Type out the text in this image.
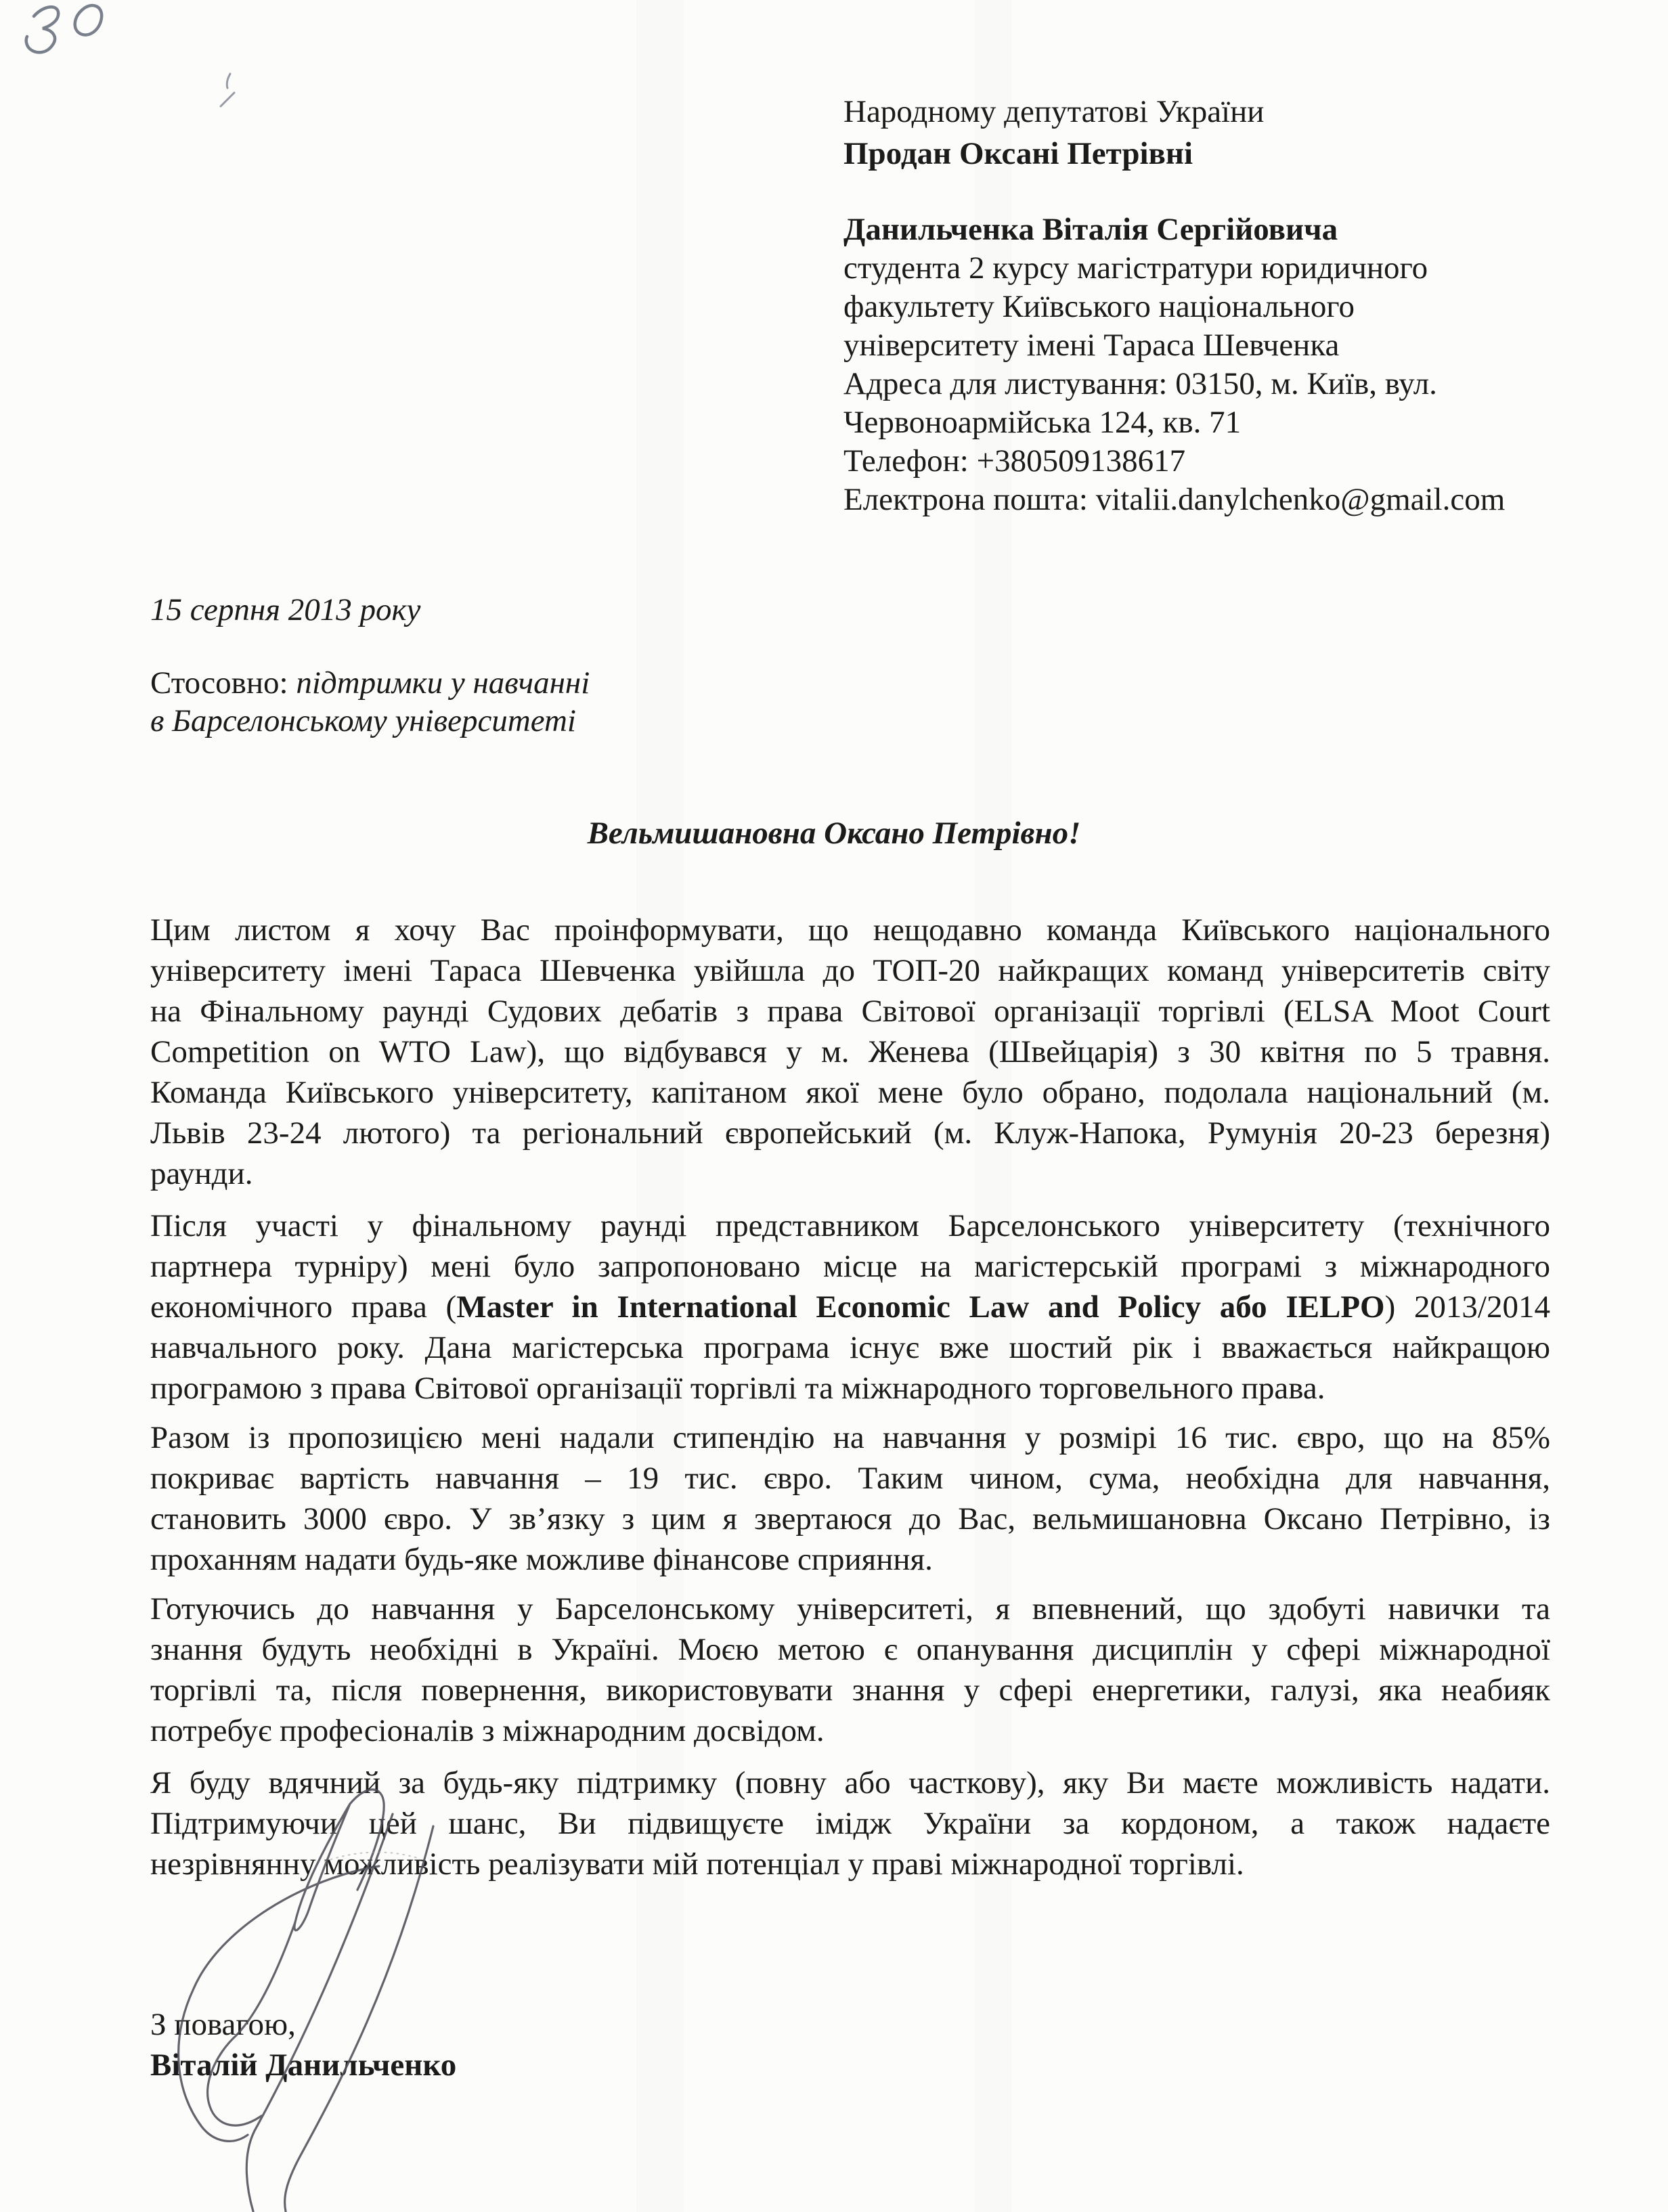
Народному депутатові України
Продан Оксані Петрівні
Данильченка Віталія Сергійовича
студента 2 курсу магістратури юридичного
факультету Київського національного
університету імені Тараса Шевченка
Адреса для листування: 03150, м. Київ, вул.
Червоноармійська 124, кв. 71
Телефон: +380509138617
Електрона пошта: vitalii.danylchenko@gmail.com
15 серпня 2013 року
Стосовно: підтримки у навчанні
в Барселонському університеті
Вельмишановна Оксано Петрівно!
Цим листом я хочу Вас проінформувати, що нещодавно команда Київського національного
університету імені Тараса Шевченка увійшла до ТОП-20 найкращих команд університетів світу
на Фінальному раунді Судових дебатів з права Світової організації торгівлі (ELSA Moot Court
Competition on WTO Law), що відбувався у м. Женева (Швейцарія) з 30 квітня по 5 травня.
Команда Київського університету, капітаном якої мене було обрано, подолала національний (м.
Львів 23-24 лютого) та регіональний європейський (м. Клуж-Напока, Румунія 20-23 березня)
раунди.
Після участі у фінальному раунді представником Барселонського університету (технічного
партнера турніру) мені було запропоновано місце на магістерській програмі з міжнародного
економічного права (Master in International Economic Law and Policy або IELPO) 2013/2014
навчального року. Дана магістерська програма існує вже шостий рік і вважається найкращою
програмою з права Світової організації торгівлі та міжнародного торговельного права.
Разом із пропозицією мені надали стипендію на навчання у розмірі 16 тис. євро, що на 85%
покриває вартість навчання – 19 тис. євро. Таким чином, сума, необхідна для навчання,
становить 3000 євро. У зв’язку з цим я звертаюся до Вас, вельмишановна Оксано Петрівно, із
проханням надати будь-яке можливе фінансове сприяння.
Готуючись до навчання у Барселонському університеті, я впевнений, що здобуті навички та
знання будуть необхідні в Україні. Моєю метою є опанування дисциплін у сфері міжнародної
торгівлі та, після повернення, використовувати знання у сфері енергетики, галузі, яка неабияк
потребує професіоналів з міжнародним досвідом.
Я буду вдячний за будь-яку підтримку (повну або часткову), яку Ви маєте можливість надати.
Підтримуючи цей шанс, Ви підвищуєте імідж України за кордоном, а також надаєте
незрівнянну можливість реалізувати мій потенціал у праві міжнародної торгівлі.
З повагою,
Віталій Данильченко
